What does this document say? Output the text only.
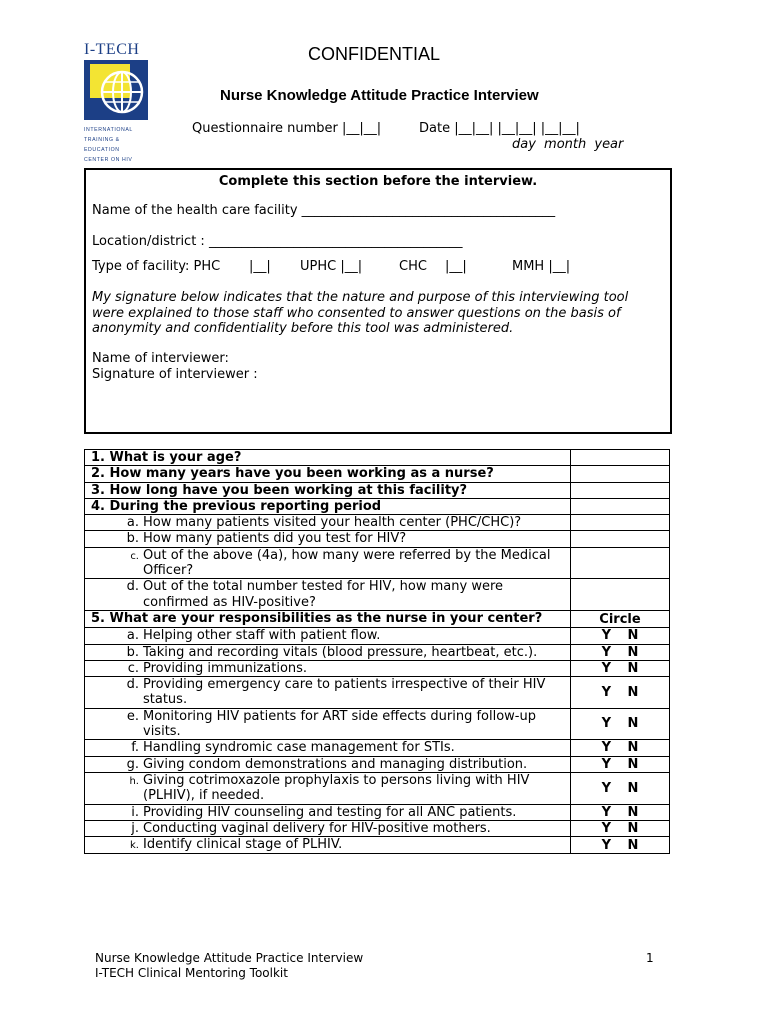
I-TECH
INTERNATIONAL
TRAINING &
EDUCATION
CENTER ON HIV
CONFIDENTIAL
Nurse Knowledge Attitude Practice Interview
Questionnaire number |__|__|	Date |__|__| |__|__| |__|__|
day month year
Complete this section before the interview.
Name of the health care facility _______________________________________
Location/district : _______________________________________
Type of facility: PHC |__| UPHC |__|	CHC |__|	MMH |__|
My signature below indicates that the nature and purpose of this interviewing tool were explained to those staff who consented to answer questions on the basis of anonymity and confidentiality before this tool was administered.
Name of interviewer:
Signature of interviewer :
1. What is your age?	
2. How many years have you been working as a nurse?	
3. How long have you been working at this facility?	
4. During the previous reporting period	

a. How many patients visited your health center (PHC/CHC)?	

b. How many patients did you test for HIV?	

c. Out of the above (4a), how many were referred by the Medical Officer?	

d. Out of the total number tested for HIV, how many were confirmed as HIV-positive?	

5. What are your responsibilities as the nurse in your center?	Circle

a. Helping other staff with patient flow.	Y N

b. Taking and recording vitals (blood pressure, heartbeat, etc.).	Y N

c. Providing immunizations.	Y N

d. Providing emergency care to patients irrespective of their HIV status.	Y N

e. Monitoring HIV patients for ART side effects during follow-up visits.	Y N

f. Handling syndromic case management for STIs.	Y N

g. Giving condom demonstrations and managing distribution.	Y N

h. Giving cotrimoxazole prophylaxis to persons living with HIV (PLHIV), if needed.	Y N

i. Providing HIV counseling and testing for all ANC patients.	Y N

j. Conducting vaginal delivery for HIV-positive mothers.	Y N

k. Identify clinical stage of PLHIV.	Y N
Nurse Knowledge Attitude Practice Interview
I-TECH Clinical Mentoring Toolkit
1
